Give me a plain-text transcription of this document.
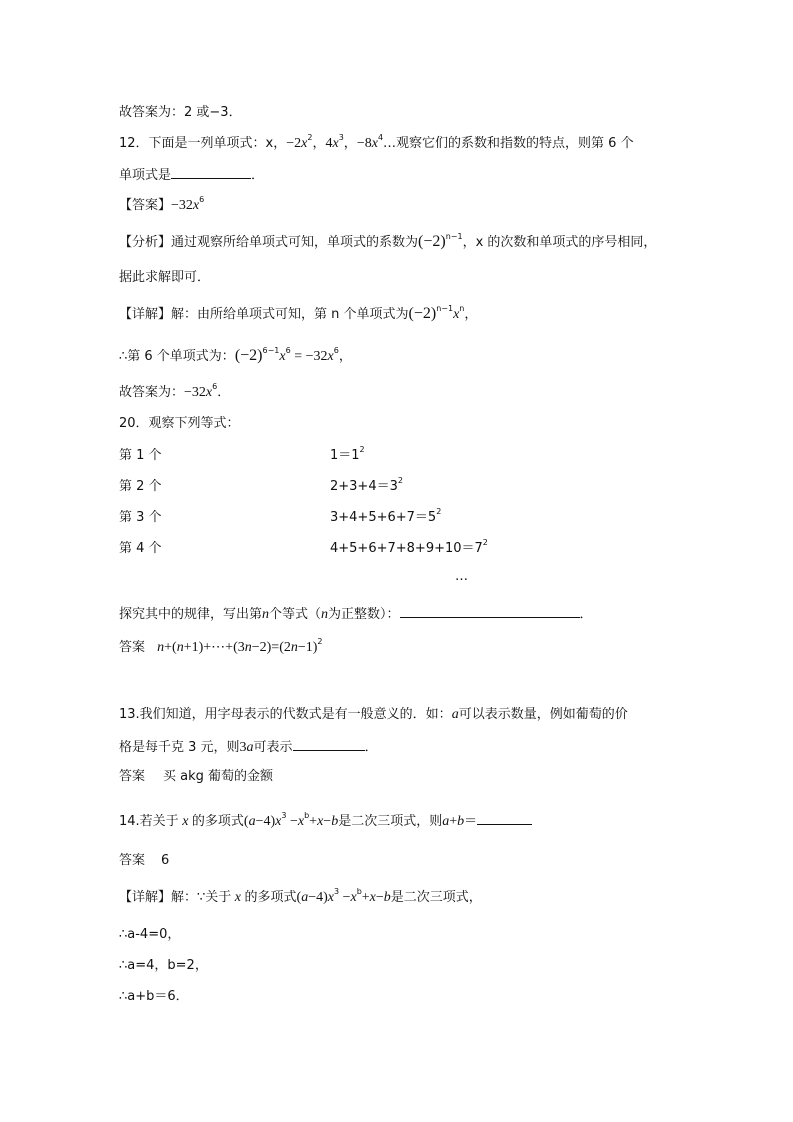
故答案为：2 或−3．
12．下面是一列单项式：x，$-2x^2$，$4x^3$，$-8x^4\dots$观察它们的系数和指数的特点，则第 6 个
单项式是	．
【答案】$-32x^6$
【分析】通过观察所给单项式可知，单项式的系数为$(-2)^{n-1}$，x 的次数和单项式的序号相同，
据此求解即可．
【详解】解：由所给单项式可知，第 n 个单项式为$(-2)^{n-1}x^n$，
∴第 6 个单项式为：$(-2)^{6-1}x^6 = -32x^6$，
故答案为：$-32x^6$．
20．观察下列等式：
第 1 个	$1=1^2$
第 2 个	$2+3+4=3^2$
第 3 个	$3+4+5+6+7=5^2$
第 4 个	$4+5+6+7+8+9+10=7^2$
…
探究其中的规律，写出第n个等式（n为正整数）：	．
答案 $n+(n+1)+\cdots+(3n-2)=(2n-1)^2$
13.我们知道，用字母表示的代数式是有一般意义的．如：a可以表示数量，例如葡萄的价
格是每千克 3 元，则3a可表示	．
答案 买 akg 葡萄的金额
14.若关于 x 的多项式$(a-4)x^3 -x^b+x-b$是二次三项式，则a+b＝
答案 6
【详解】解：∵关于 x 的多项式$(a-4)x^3 -x^b+x-b$是二次三项式，
∴a-4=0，
∴a=4，b=2，
∴a+b＝6．
